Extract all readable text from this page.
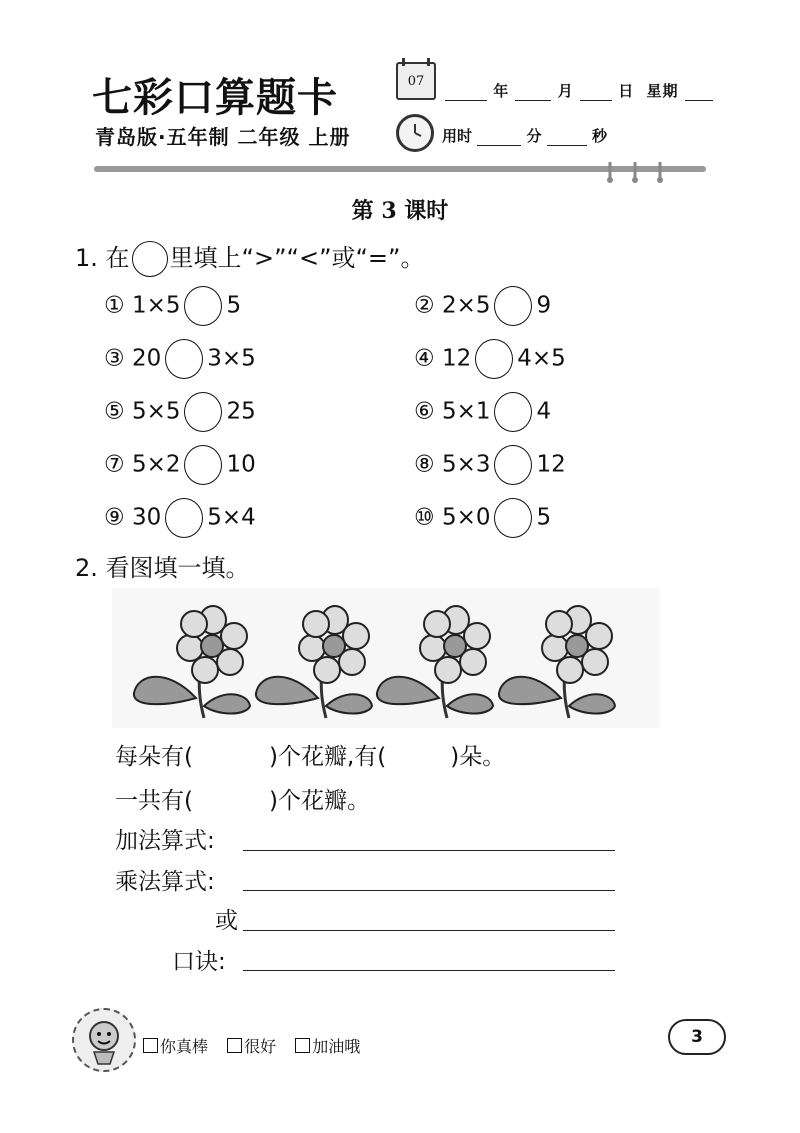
七彩口算题卡
青岛版·五年制 二年级 上册
07
年	月	日 星期
用时	分	秒
第 3 课时
1. 在 里填上“>”“<”或“=”。
① 1×5 5	② 2×5 9
③ 20 3×5	④ 12 4×5
⑤ 5×5 25	⑥ 5×1 4
⑦ 5×2 10	⑧ 5×3 12
⑨ 30 5×4	⑩ 5×0 5
2. 看图填一填。
每朵有(	)个花瓣,有(	)朵。
一共有(	)个花瓣。
加法算式:
乘法算式:
或
口诀:
你真棒 很好 加油哦	3
